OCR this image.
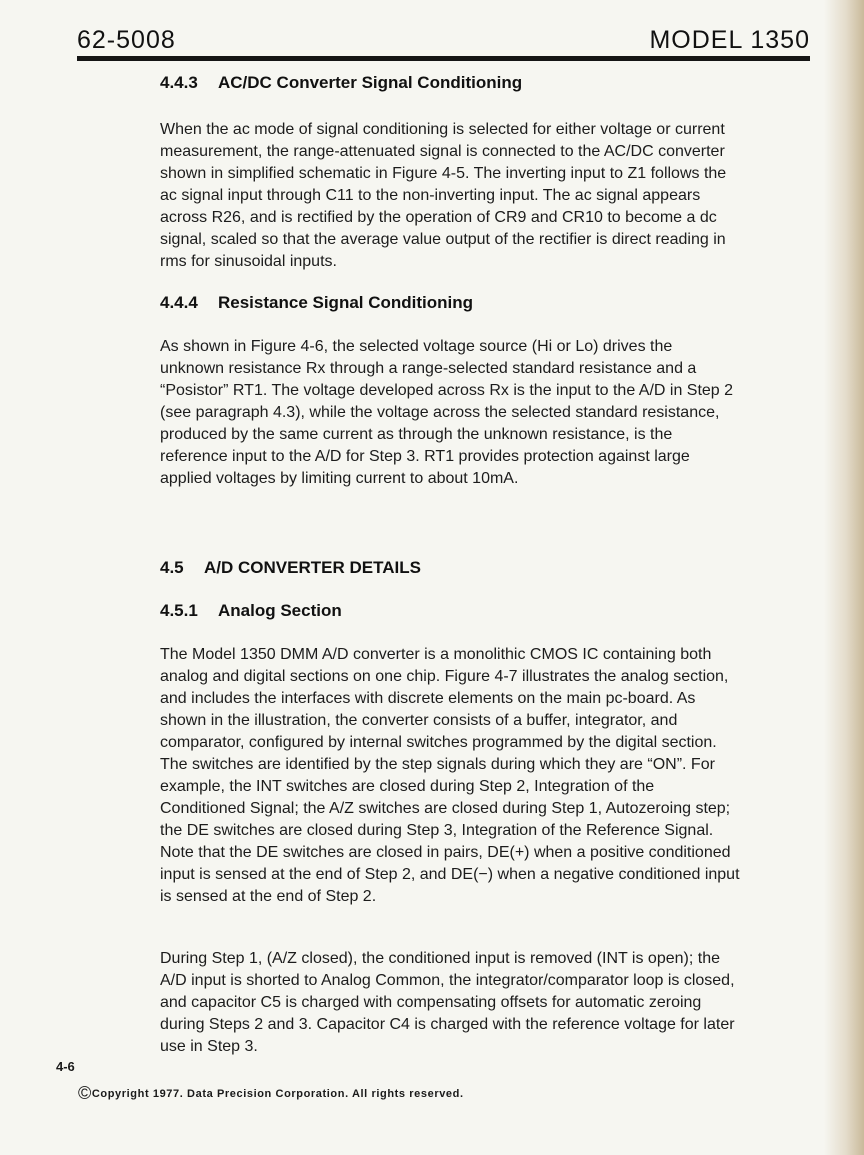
62-5008	MODEL 1350
4.4.3 AC/DC Converter Signal Conditioning

When the ac mode of signal conditioning is selected for either voltage or current measurement, the range-attenuated signal is connected to the AC/DC converter shown in simplified schematic in Figure 4-5. The inverting input to Z1 follows the ac signal input through C11 to the non-inverting input. The ac signal appears across R26, and is rectified by the operation of CR9 and CR10 to become a dc signal, scaled so that the average value output of the rectifier is direct reading in rms for sinusoidal inputs.

4.4.4 Resistance Signal Conditioning

As shown in Figure 4-6, the selected voltage source (Hi or Lo) drives the unknown resistance Rx through a range-selected standard resistance and a “Posistor” RT1. The voltage developed across Rx is the input to the A/D in Step 2 (see paragraph 4.3), while the voltage across the selected standard resistance, produced by the same current as through the unknown resistance, is the reference input to the A/D for Step 3. RT1 provides protection against large applied voltages by limiting current to about 10mA.

4.5 A/D CONVERTER DETAILS
4.5.1 Analog Section

The Model 1350 DMM A/D converter is a monolithic CMOS IC containing both analog and digital sections on one chip. Figure 4-7 illustrates the analog section, and includes the interfaces with discrete elements on the main pc-board. As shown in the illustration, the converter consists of a buffer, integrator, and comparator, configured by internal switches programmed by the digital section. The switches are identified by the step signals during which they are “ON”. For example, the INT switches are closed during Step 2, Integration of the Conditioned Signal; the A/Z switches are closed during Step 1, Autozeroing step; the DE switches are closed during Step 3, Integration of the Reference Signal. Note that the DE switches are closed in pairs, DE(+) when a positive conditioned input is sensed at the end of Step 2, and DE(−) when a negative conditioned input is sensed at the end of Step 2.

During Step 1, (A/Z closed), the conditioned input is removed (INT is open); the A/D input is shorted to Analog Common, the integrator/comparator loop is closed, and capacitor C5 is charged with compensating offsets for automatic zeroing during Steps 2 and 3. Capacitor C4 is charged with the reference voltage for later use in Step 3.

4-6
©Copyright 1977. Data Precision Corporation. All rights reserved.
